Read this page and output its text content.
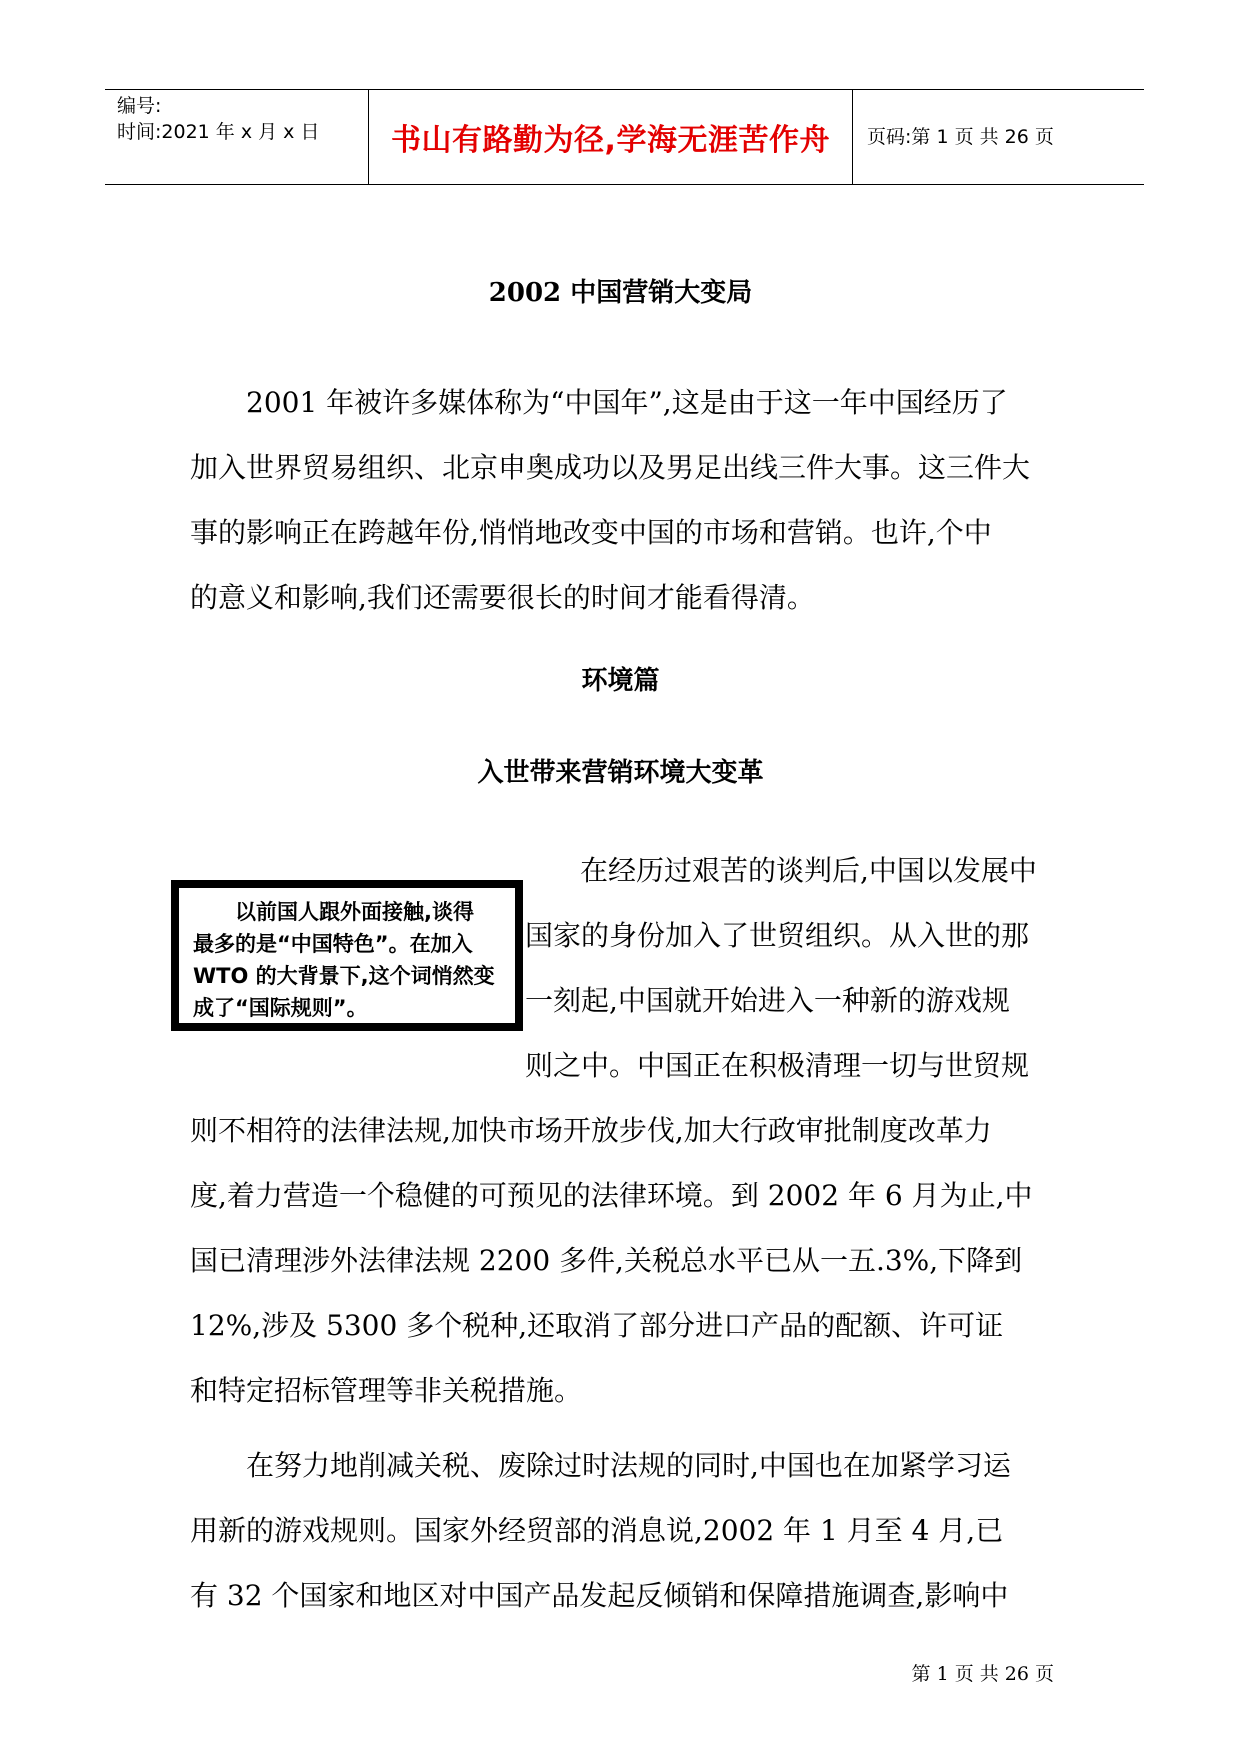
编号:
时间:2021 年 x 月 x 日 书山有路勤为径,学海无涯苦作舟	页码:第 1 页 共 26 页
2002 中国营销大变局
2001 年被许多媒体称为“中国年”,这是由于这一年中国经历了
加入世界贸易组织、北京申奥成功以及男足出线三件大事。这三件大
事的影响正在跨越年份,悄悄地改变中国的市场和营销。也许,个中
的意义和影响,我们还需要很长的时间才能看得清。
环境篇
入世带来营销环境大变革
以前国人跟外面接触,谈得
最多的是“中国特色”。在加入
WTO 的大背景下,这个词悄然变
成了“国际规则”。
在经历过艰苦的谈判后,中国以发展中
国家的身份加入了世贸组织。从入世的那
一刻起,中国就开始进入一种新的游戏规
则之中。中国正在积极清理一切与世贸规
则不相符的法律法规,加快市场开放步伐,加大行政审批制度改革力
度,着力营造一个稳健的可预见的法律环境。到 2002 年 6 月为止,中
国已清理涉外法律法规 2200 多件,关税总水平已从一五.3%,下降到
12%,涉及 5300 多个税种,还取消了部分进口产品的配额、许可证
和特定招标管理等非关税措施。
在努力地削减关税、废除过时法规的同时,中国也在加紧学习运
用新的游戏规则。国家外经贸部的消息说,2002 年 1 月至 4 月,已
有 32 个国家和地区对中国产品发起反倾销和保障措施调查,影响中
第 1 页 共 26 页
